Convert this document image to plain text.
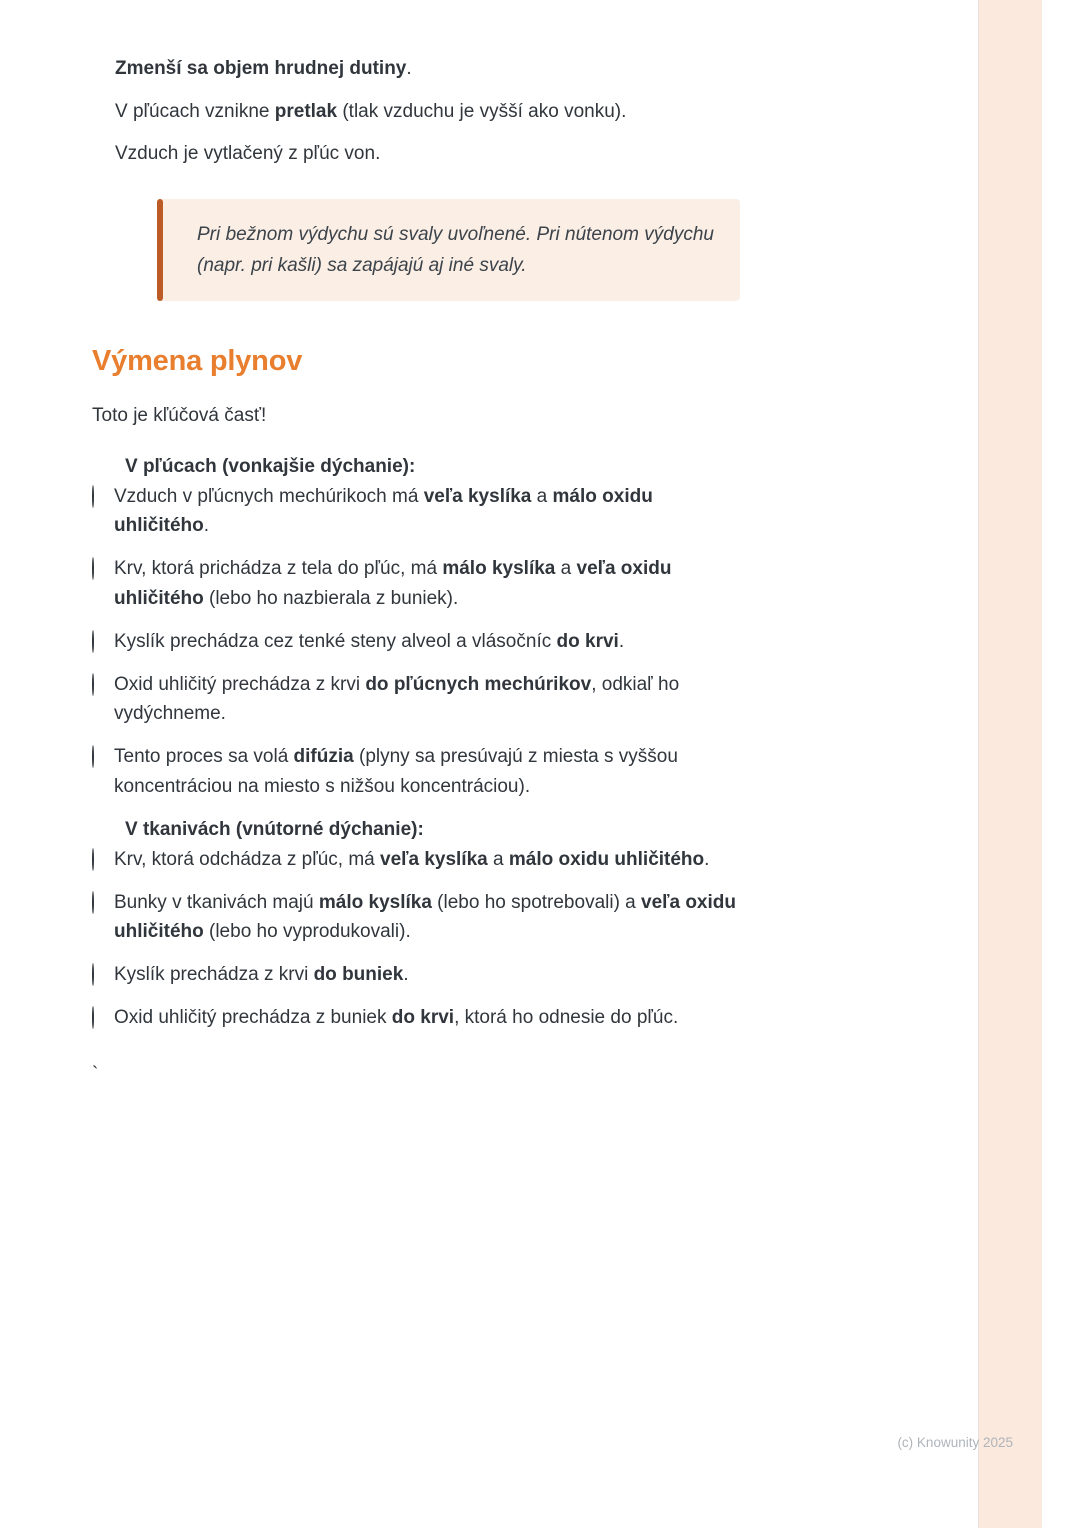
Zmenší sa objem hrudnej dutiny.
V pľúcach vznikne pretlak (tlak vzduchu je vyšší ako vonku).
Vzduch je vytlačený z pľúc von.
Pri bežnom výdychu sú svaly uvoľnené. Pri nútenom výdychu (napr. pri kašli) sa zapájajú aj iné svaly.
Výmena plynov

Toto je kľúčová časť!

V pľúcach (vonkajšie dýchanie):
Vzduch v pľúcnych mechúrikoch má veľa kyslíka a málo oxidu uhličitého.
Krv, ktorá prichádza z tela do pľúc, má málo kyslíka a veľa oxidu uhličitého (lebo ho nazbierala z buniek).
Kyslík prechádza cez tenké steny alveol a vlásočníc do krvi.
Oxid uhličitý prechádza z krvi do pľúcnych mechúrikov, odkiaľ ho vydýchneme.
Tento proces sa volá difúzia (plyny sa presúvajú z miesta s vyššou koncentráciou na miesto s nižšou koncentráciou).
V tkanivách (vnútorné dýchanie):
Krv, ktorá odchádza z pľúc, má veľa kyslíka a málo oxidu uhličitého.
Bunky v tkanivách majú málo kyslíka (lebo ho spotrebovali) a veľa oxidu uhličitého (lebo ho vyprodukovali).
Kyslík prechádza z krvi do buniek.
Oxid uhličitý prechádza z buniek do krvi, ktorá ho odnesie do pľúc.
`
(c) Knowunity 2025
